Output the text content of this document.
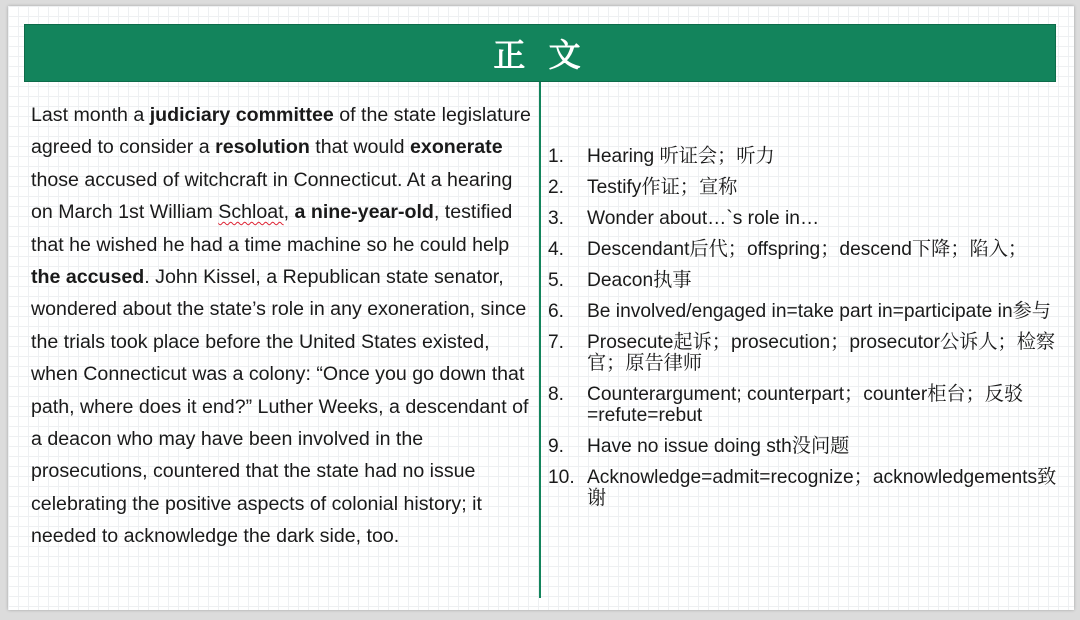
正 文
Last month a judiciary committee of the state legislature agreed to consider a resolution that would exonerate those accused of witchcraft in Connecticut. At a hearing on March 1st William Schloat, a nine-year-old, testified that he wished he had a time machine so he could help the accused. John Kissel, a Republican state senator, wondered about the state’s role in any exoneration, since the trials took place before the United States existed, when Connecticut was a colony: “Once you go down that path, where does it end?” Luther Weeks, a descendant of a deacon who may have been involved in the prosecutions, countered that the state had no issue celebrating the positive aspects of colonial history; it needed to acknowledge the dark side, too.
1. Hearing 听证会；听力
2. Testify作证；宣称
3. Wonder about…`s role in…
4. Descendant后代；offspring；descend下降；陷入；
5. Deacon执事
6. Be involved/engaged in=take part in=participate in参与
7. Prosecute起诉；prosecution；prosecutor公诉人；检察官；原告律师
8. Counterargument; counterpart；counter柜台；反驳=refute=rebut
9. Have no issue doing sth没问题
10. Acknowledge=admit=recognize；acknowledgements致谢
